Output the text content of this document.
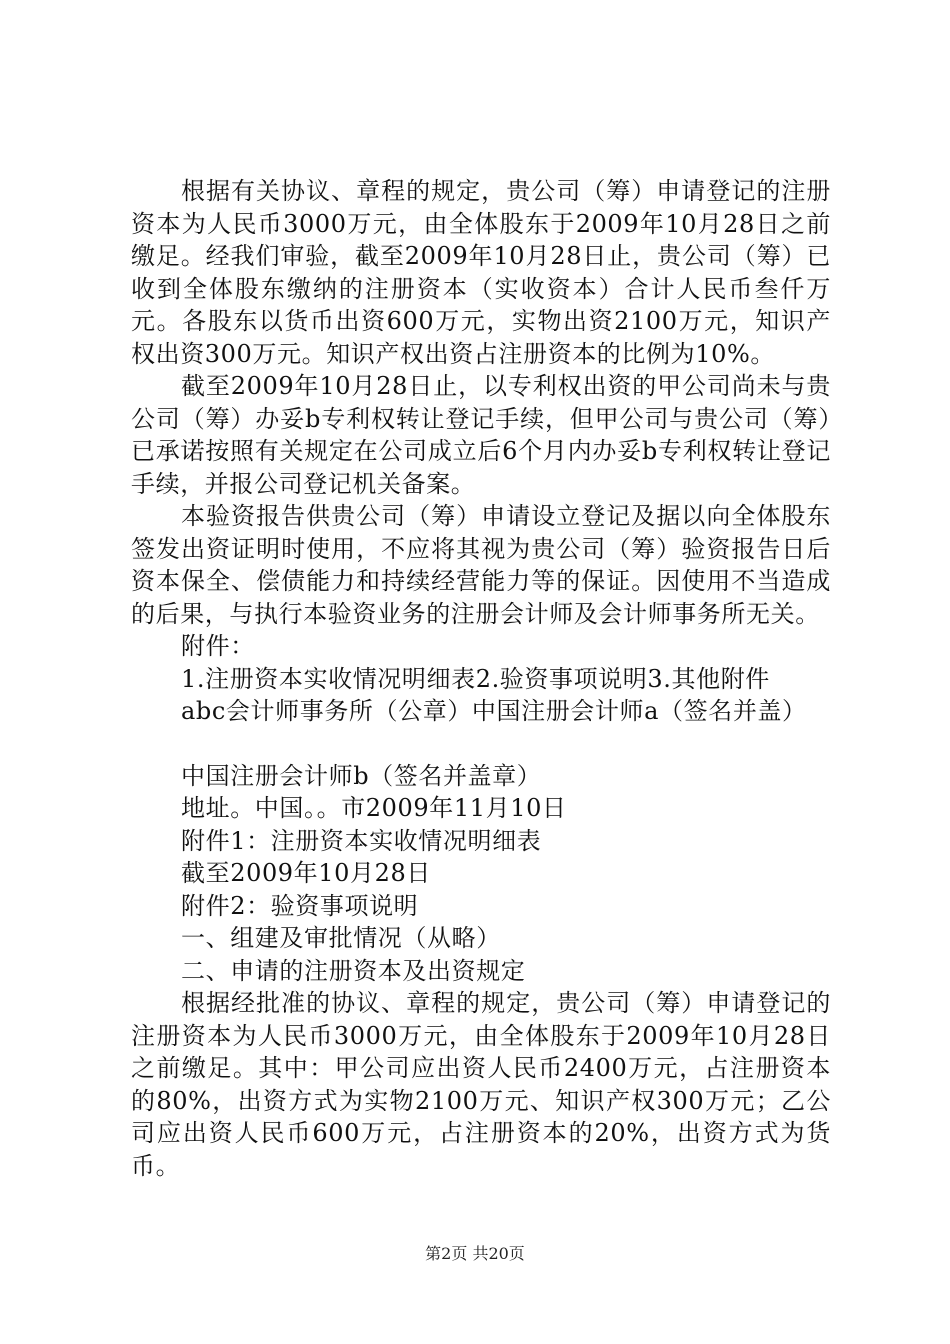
根据有关协议、章程的规定，贵公司（筹）申请登记的注册资本为人民币3000万元，由全体股东于2009年10月28日之前缴足。经我们审验，截至2009年10月28日止，贵公司（筹）已收到全体股东缴纳的注册资本（实收资本）合计人民币叁仟万元。各股东以货币出资600万元，实物出资2100万元，知识产权出资300万元。知识产权出资占注册资本的比例为10%。

截至2009年10月28日止，以专利权出资的甲公司尚未与贵公司（筹）办妥b专利权转让登记手续，但甲公司与贵公司（筹）已承诺按照有关规定在公司成立后6个月内办妥b专利权转让登记手续，并报公司登记机关备案。

本验资报告供贵公司（筹）申请设立登记及据以向全体股东签发出资证明时使用，不应将其视为贵公司（筹）验资报告日后资本保全、偿债能力和持续经营能力等的保证。因使用不当造成的后果，与执行本验资业务的注册会计师及会计师事务所无关。

附件：

1.注册资本实收情况明细表2.验资事项说明3.其他附件

abc会计师事务所（公章）中国注册会计师a（签名并盖）

中国注册会计师b（签名并盖章）

地址。中国。。市2009年11月10日

附件1：注册资本实收情况明细表

截至2009年10月28日

附件2：验资事项说明

一、组建及审批情况（从略）

二、申请的注册资本及出资规定

根据经批准的协议、章程的规定，贵公司（筹）申请登记的注册资本为人民币3000万元，由全体股东于2009年10月28日之前缴足。其中：甲公司应出资人民币2400万元，占注册资本的80%，出资方式为实物2100万元、知识产权300万元；乙公司应出资人民币600万元，占注册资本的20%，出资方式为货币。

第2页 共20页
